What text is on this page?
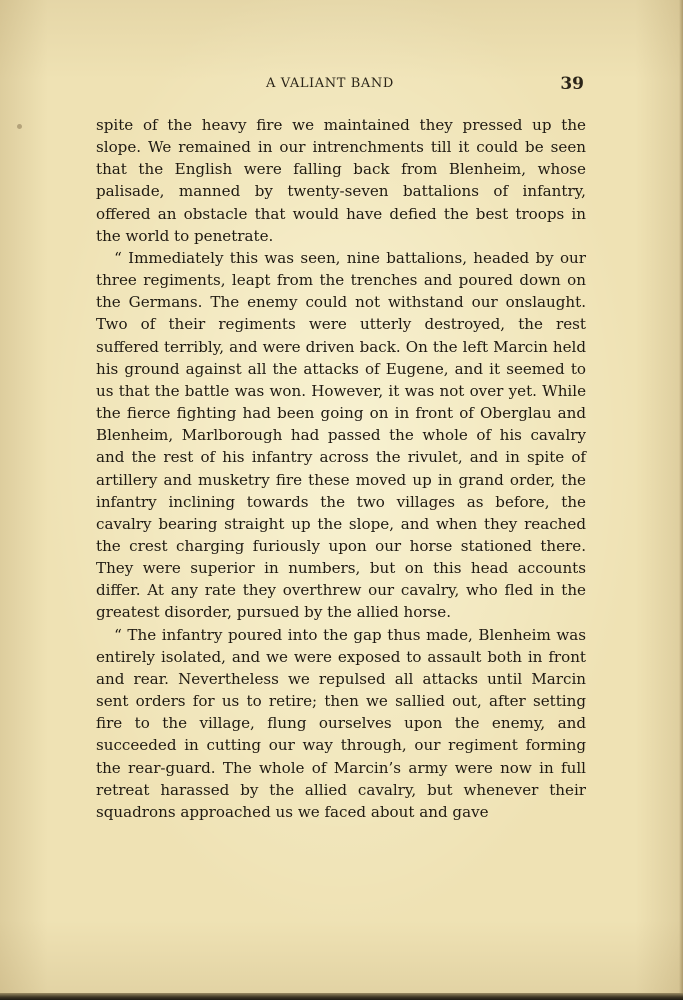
A VALIANT BAND	39

spite of the heavy fire we maintained they pressed up the slope. We remained in our intrenchments till it could be seen that the English were falling back from Blenheim, whose palisade, manned by twenty-seven battalions of infantry, offered an obstacle that would have defied the best troops in the world to penetrate.

“ Immediately this was seen, nine battalions, headed by our three regiments, leapt from the trenches and poured down on the Germans. The enemy could not withstand our onslaught. Two of their regiments were utterly destroyed, the rest suffered terribly, and were driven back. On the left Marcin held his ground against all the attacks of Eugene, and it seemed to us that the battle was won. However, it was not over yet. While the fierce fighting had been going on in front of Oberglau and Blenheim, Marlborough had passed the whole of his cavalry and the rest of his infantry across the rivulet, and in spite of artillery and musketry fire these moved up in grand order, the infantry inclining towards the two villages as before, the cavalry bearing straight up the slope, and when they reached the crest charging furiously upon our horse stationed there. They were superior in numbers, but on this head accounts differ. At any rate they overthrew our cavalry, who fled in the greatest disorder, pursued by the allied horse.

“ The infantry poured into the gap thus made, Blenheim was entirely isolated, and we were exposed to assault both in front and rear. Nevertheless we repulsed all attacks until Marcin sent orders for us to retire; then we sallied out, after setting fire to the village, flung ourselves upon the enemy, and succeeded in cutting our way through, our regiment forming the rear-guard. The whole of Marcin’s army were now in full retreat harassed by the allied cavalry, but whenever their squadrons approached us we faced about and gave
